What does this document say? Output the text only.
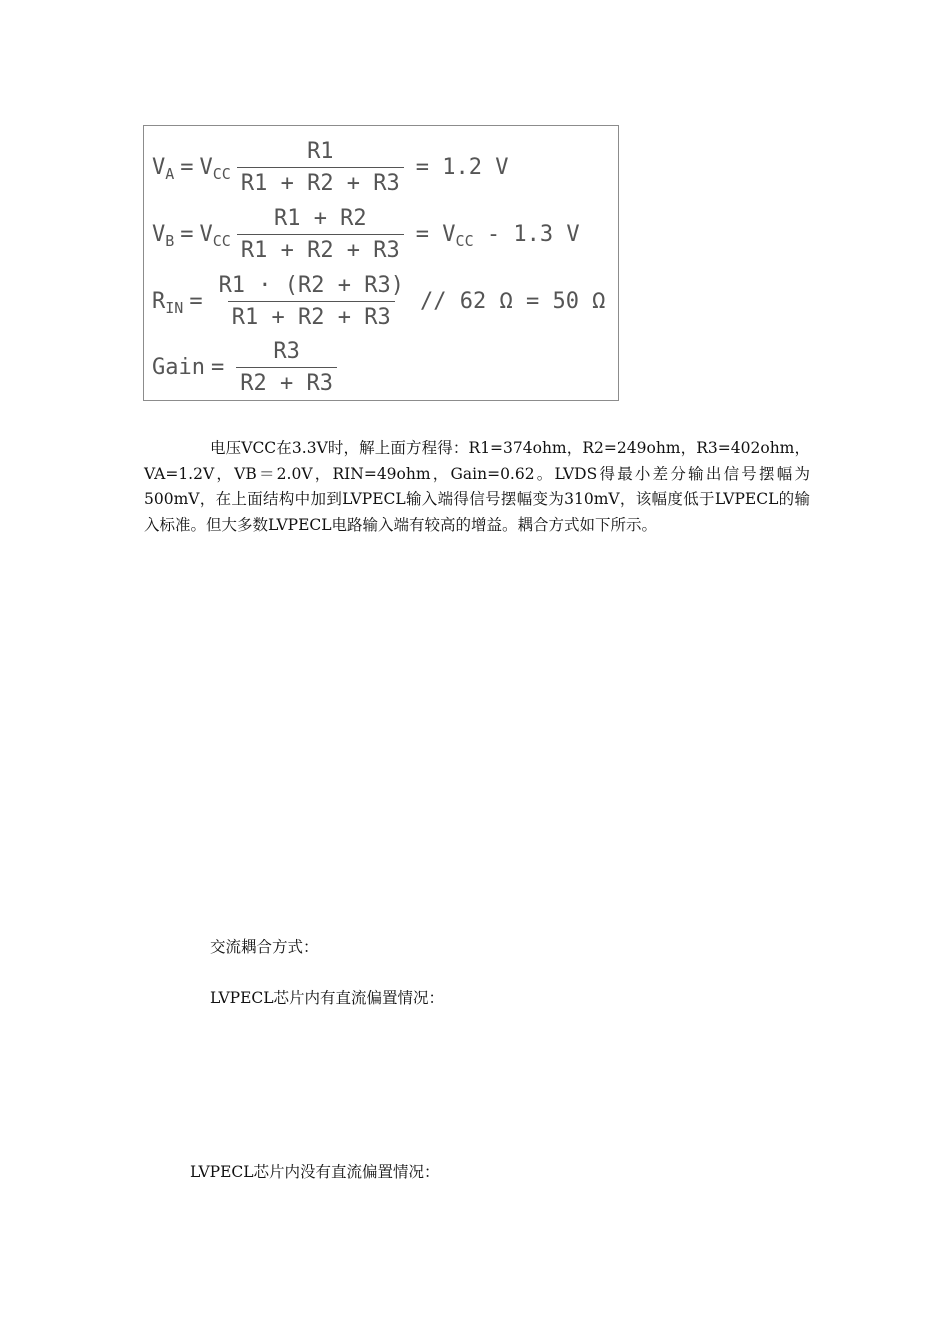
$V_A = V_{CC} \frac{R1}{R1 + R2 + R3} = 1.2$ V
$V_B = V_{CC} \frac{R1 + R2}{R1 + R2 + R3} = V_{CC} - 1.3$ V
$R_{IN} = \frac{R1 \cdot (R2 + R3)}{R1 + R2 + R3} // 62$ Ω = 50 Ω
Gain = $\frac{R3}{R2 + R3}$

电压VCC在3.3V时，解上面方程得：R1=374ohm，R2=249ohm，R3=402ohm，VA=1.2V，VB＝2.0V，RIN=49ohm，Gain=0.62。LVDS得最小差分输出信号摆幅为500mV，在上面结构中加到LVPECL输入端得信号摆幅变为310mV，该幅度低于LVPECL的输入标准。但大多数LVPECL电路输入端有较高的增益。耦合方式如下所示。

交流耦合方式：

LVPECL芯片内有直流偏置情况：

LVPECL芯片内没有直流偏置情况：
